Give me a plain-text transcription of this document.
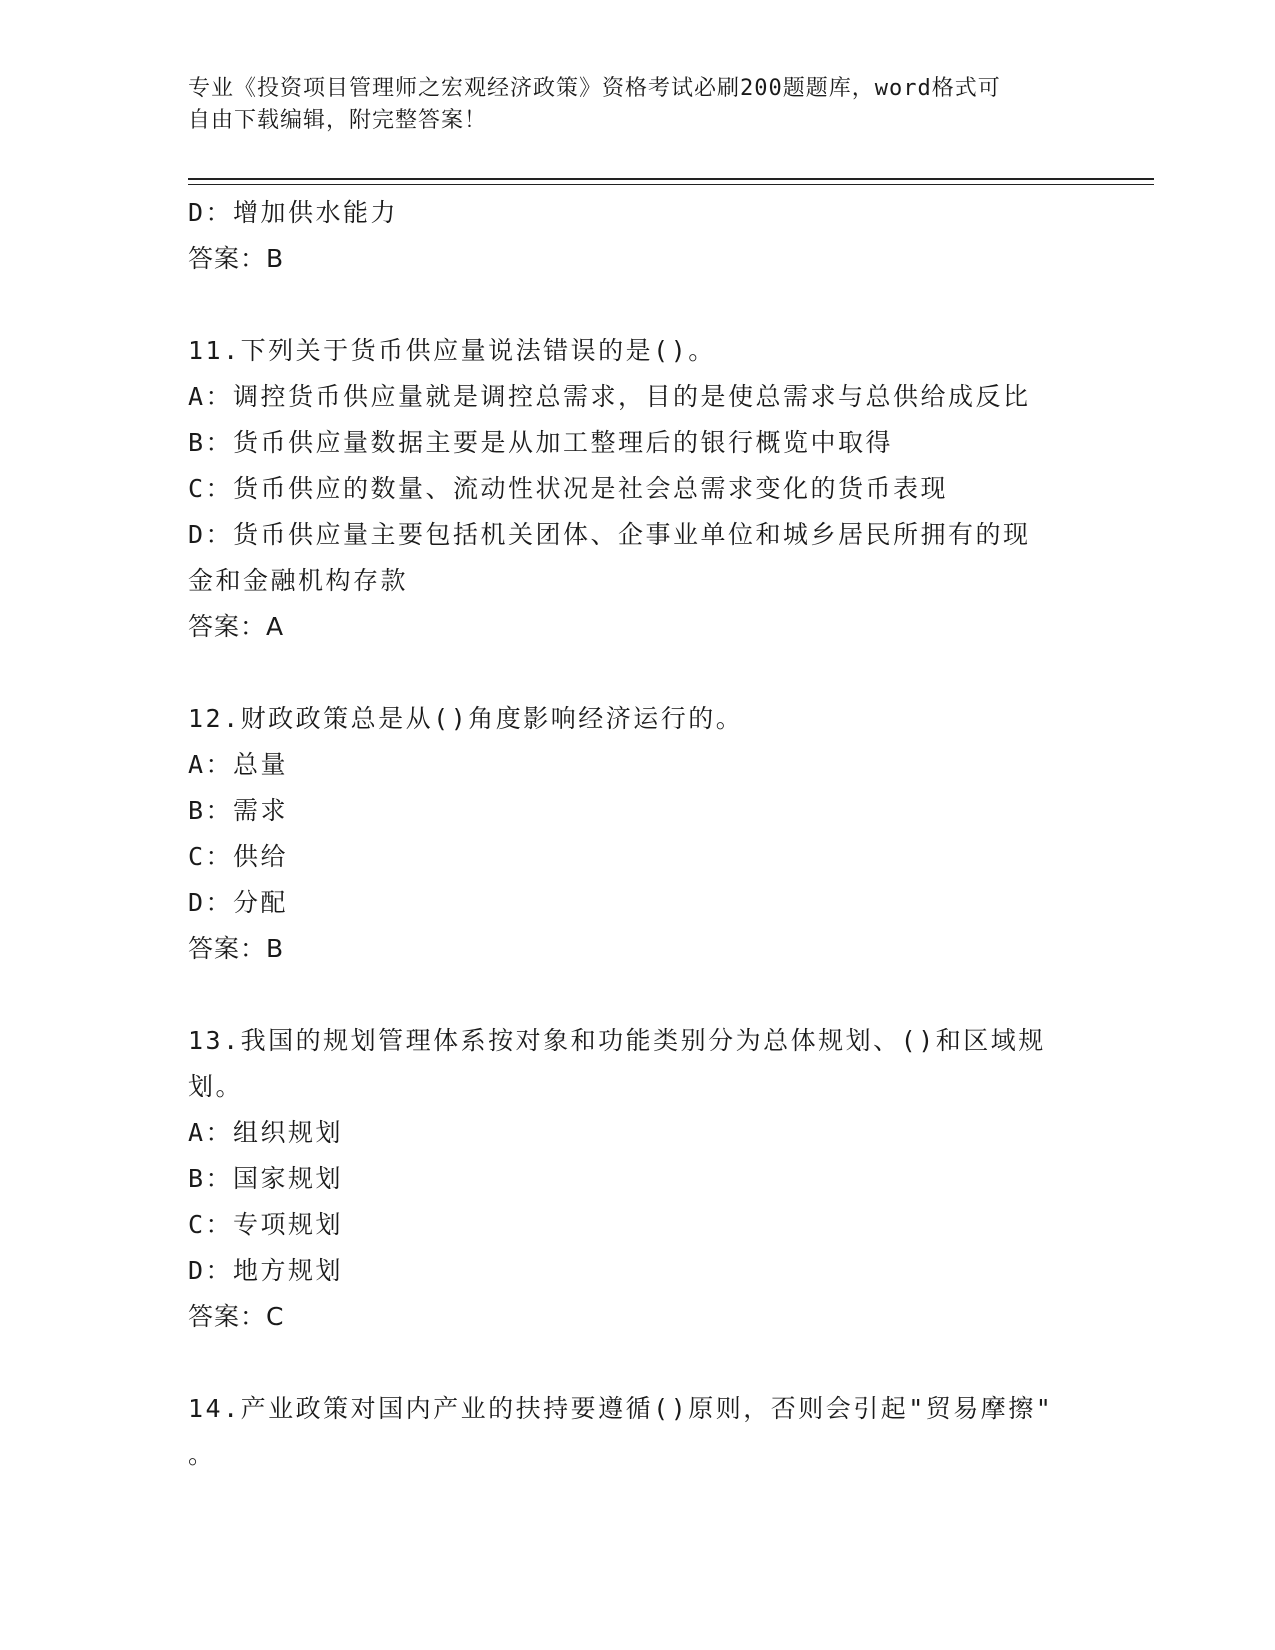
专业《投资项目管理师之宏观经济政策》资格考试必刷200题题库，word格式可

自由下载编辑，附完整答案！

D：增加供水能力
答案：B
11.下列关于货币供应量说法错误的是()。
A：调控货币供应量就是调控总需求，目的是使总需求与总供给成反比
B：货币供应量数据主要是从加工整理后的银行概览中取得
C：货币供应的数量、流动性状况是社会总需求变化的货币表现
D：货币供应量主要包括机关团体、企事业单位和城乡居民所拥有的现
金和金融机构存款
答案：A
12.财政政策总是从()角度影响经济运行的。
A：总量
B：需求
C：供给
D：分配
答案：B
13.我国的规划管理体系按对象和功能类别分为总体规划、()和区域规
划。
A：组织规划
B：国家规划
C：专项规划
D：地方规划
答案：C
14.产业政策对国内产业的扶持要遵循()原则，否则会引起"贸易摩擦"
。
